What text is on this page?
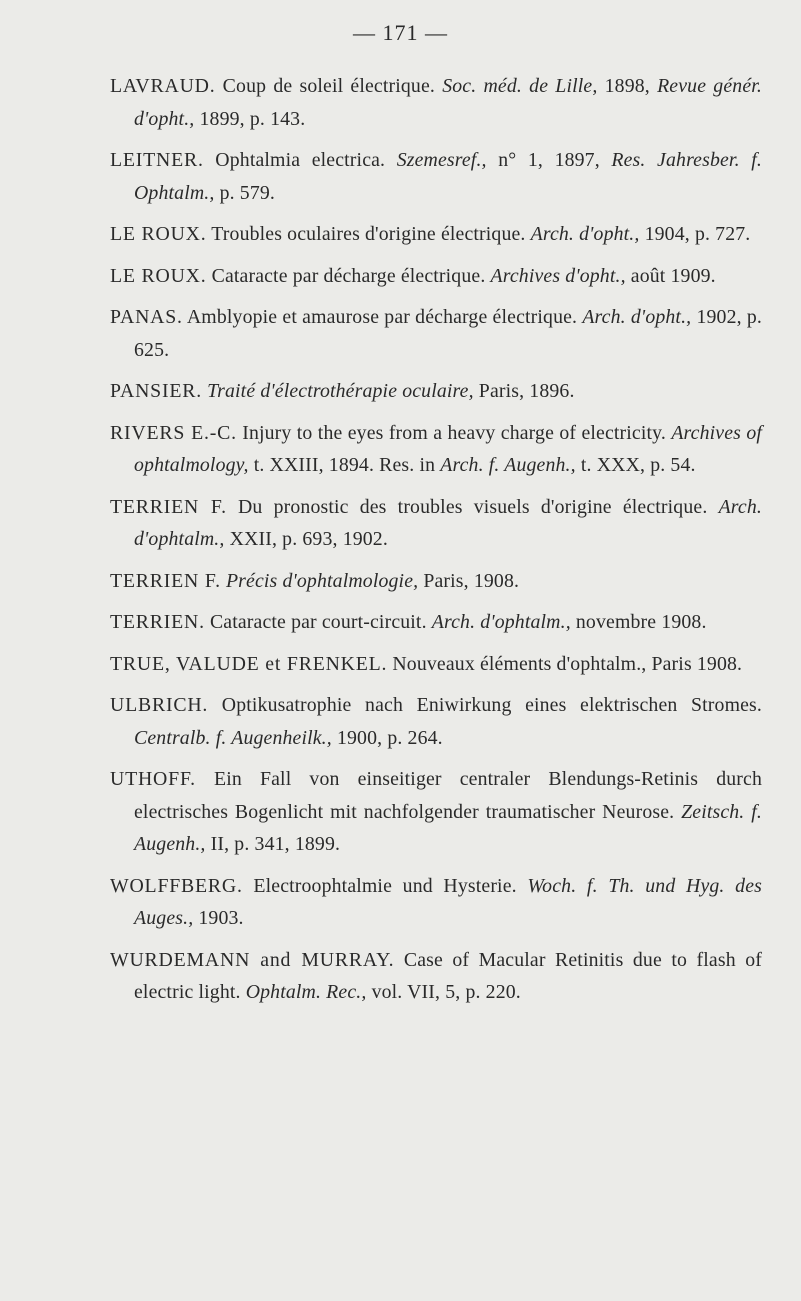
— 171 —

LAVRAUD. Coup de soleil électrique. Soc. méd. de Lille, 1898, Revue génér. d'opht., 1899, p. 143.

LEITNER. Ophtalmia electrica. Szemesref., n° 1, 1897, Res. Jahresber. f. Ophtalm., p. 579.

LE ROUX. Troubles oculaires d'origine électrique. Arch. d'opht., 1904, p. 727.

LE ROUX. Cataracte par décharge électrique. Archives d'opht., août 1909.

PANAS. Amblyopie et amaurose par décharge électrique. Arch. d'opht., 1902, p. 625.

PANSIER. Traité d'électrothérapie oculaire, Paris, 1896.

RIVERS E.-C. Injury to the eyes from a heavy charge of electricity. Archives of ophtalmology, t. XXIII, 1894. Res. in Arch. f. Augenh., t. XXX, p. 54.

TERRIEN F. Du pronostic des troubles visuels d'origine électrique. Arch. d'ophtalm., XXII, p. 693, 1902.

TERRIEN F. Précis d'ophtalmologie, Paris, 1908.

TERRIEN. Cataracte par court-circuit. Arch. d'ophtalm., novembre 1908.

TRUE, VALUDE et FRENKEL. Nouveaux éléments d'ophtalm., Paris 1908.

ULBRICH. Optikusatrophie nach Eniwirkung eines elektrischen Stromes. Centralb. f. Augenheilk., 1900, p. 264.

UTHOFF. Ein Fall von einseitiger centraler Blendungs-Retinis durch electrisches Bogenlicht mit nachfolgender traumatischer Neurose. Zeitsch. f. Augenh., II, p. 341, 1899.

WOLFFBERG. Electroophtalmie und Hysterie. Woch. f. Th. und Hyg. des Auges., 1903.

WURDEMANN and MURRAY. Case of Macular Retinitis due to flash of electric light. Ophtalm. Rec., vol. VII, 5, p. 220.
